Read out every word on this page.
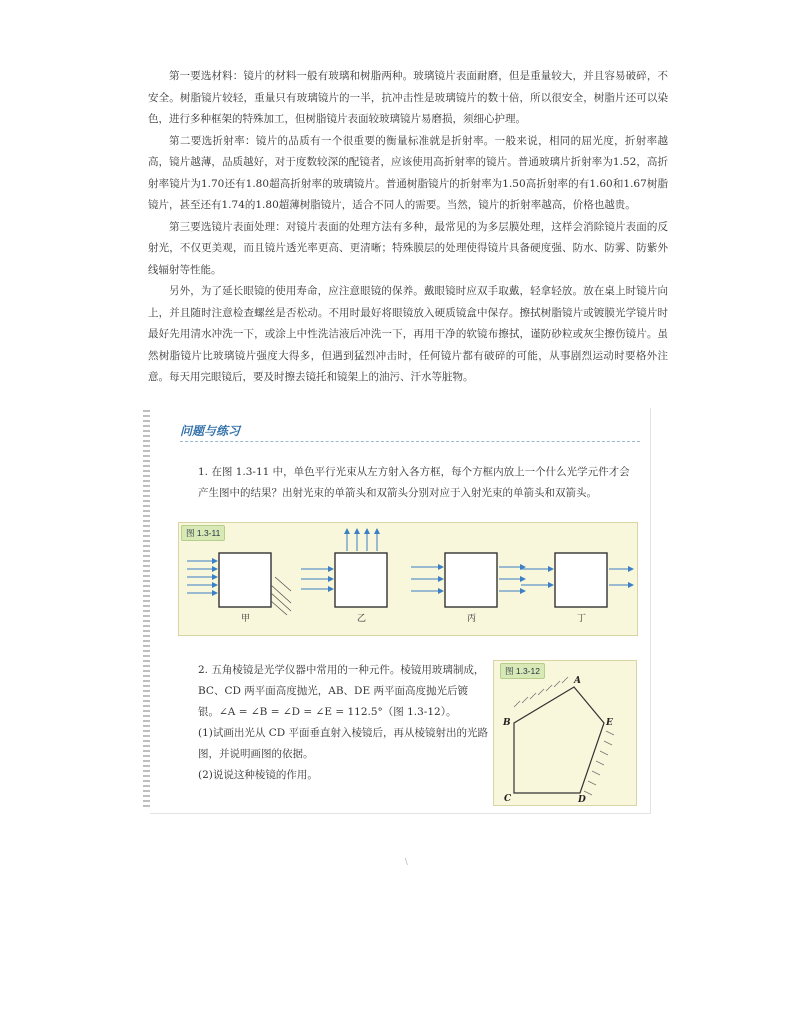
第一要选材料：镜片的材料一般有玻璃和树脂两种。玻璃镜片表面耐磨，但是重量较大，并且容易破碎，不安全。树脂镜片较轻，重量只有玻璃镜片的一半，抗冲击性是玻璃镜片的数十倍，所以很安全，树脂片还可以染色，进行多种框架的特殊加工，但树脂镜片表面较玻璃镜片易磨损，须细心护理。

第二要选折射率：镜片的品质有一个很重要的衡量标准就是折射率。一般来说，相同的屈光度，折射率越高，镜片越薄，品质越好，对于度数较深的配镜者，应该使用高折射率的镜片。普通玻璃片折射率为1.52，高折射率镜片为1.70还有1.80超高折射率的玻璃镜片。普通树脂镜片的折射率为1.50高折射率的有1.60和1.67树脂镜片，甚至还有1.74的1.80超薄树脂镜片，适合不同人的需要。当然，镜片的折射率越高，价格也越贵。

第三要选镜片表面处理：对镜片表面的处理方法有多种，最常见的为多层膜处理，这样会消除镜片表面的反射光，不仅更美观，而且镜片透光率更高、更清晰；特殊膜层的处理使得镜片具备硬度强、防水、防雾、防紫外线辐射等性能。

另外，为了延长眼镜的使用寿命，应注意眼镜的保养。戴眼镜时应双手取戴，轻拿轻放。放在桌上时镜片向上，并且随时注意检查螺丝是否松动。不用时最好将眼镜放入硬质镜盒中保存。擦拭树脂镜片或镀膜光学镜片时最好先用清水冲洗一下，或涂上中性洗洁液后冲洗一下，再用干净的软镜布擦拭，谨防砂粒或灰尘擦伤镜片。虽然树脂镜片比玻璃镜片强度大得多，但遇到猛烈冲击时，任何镜片都有破碎的可能，从事剧烈运动时要格外注意。每天用完眼镜后，要及时擦去镜托和镜架上的油污、汗水等脏物。

问题与练习
1. 在图 1.3-11 中，单色平行光束从左方射入各方框，每个方框内放上一个什么光学元件才会产生图中的结果？出射光束的单箭头和双箭头分别对应于入射光束的单箭头和双箭头。
图 1.3-11
甲	乙	丙	丁
2. 五角棱镜是光学仪器中常用的一种元件。棱镜用玻璃制成，BC、CD 两平面高度抛光，AB、DE 两平面高度抛光后镀银。∠A = ∠B = ∠D = ∠E = 112.5°（图 1.3-12）。
(1)试画出光从 CD 平面垂直射入棱镜后，再从棱镜射出的光路图，并说明画图的依据。
(2)说说这种棱镜的作用。
图 1.3-12
A
B
C	D
E
\
